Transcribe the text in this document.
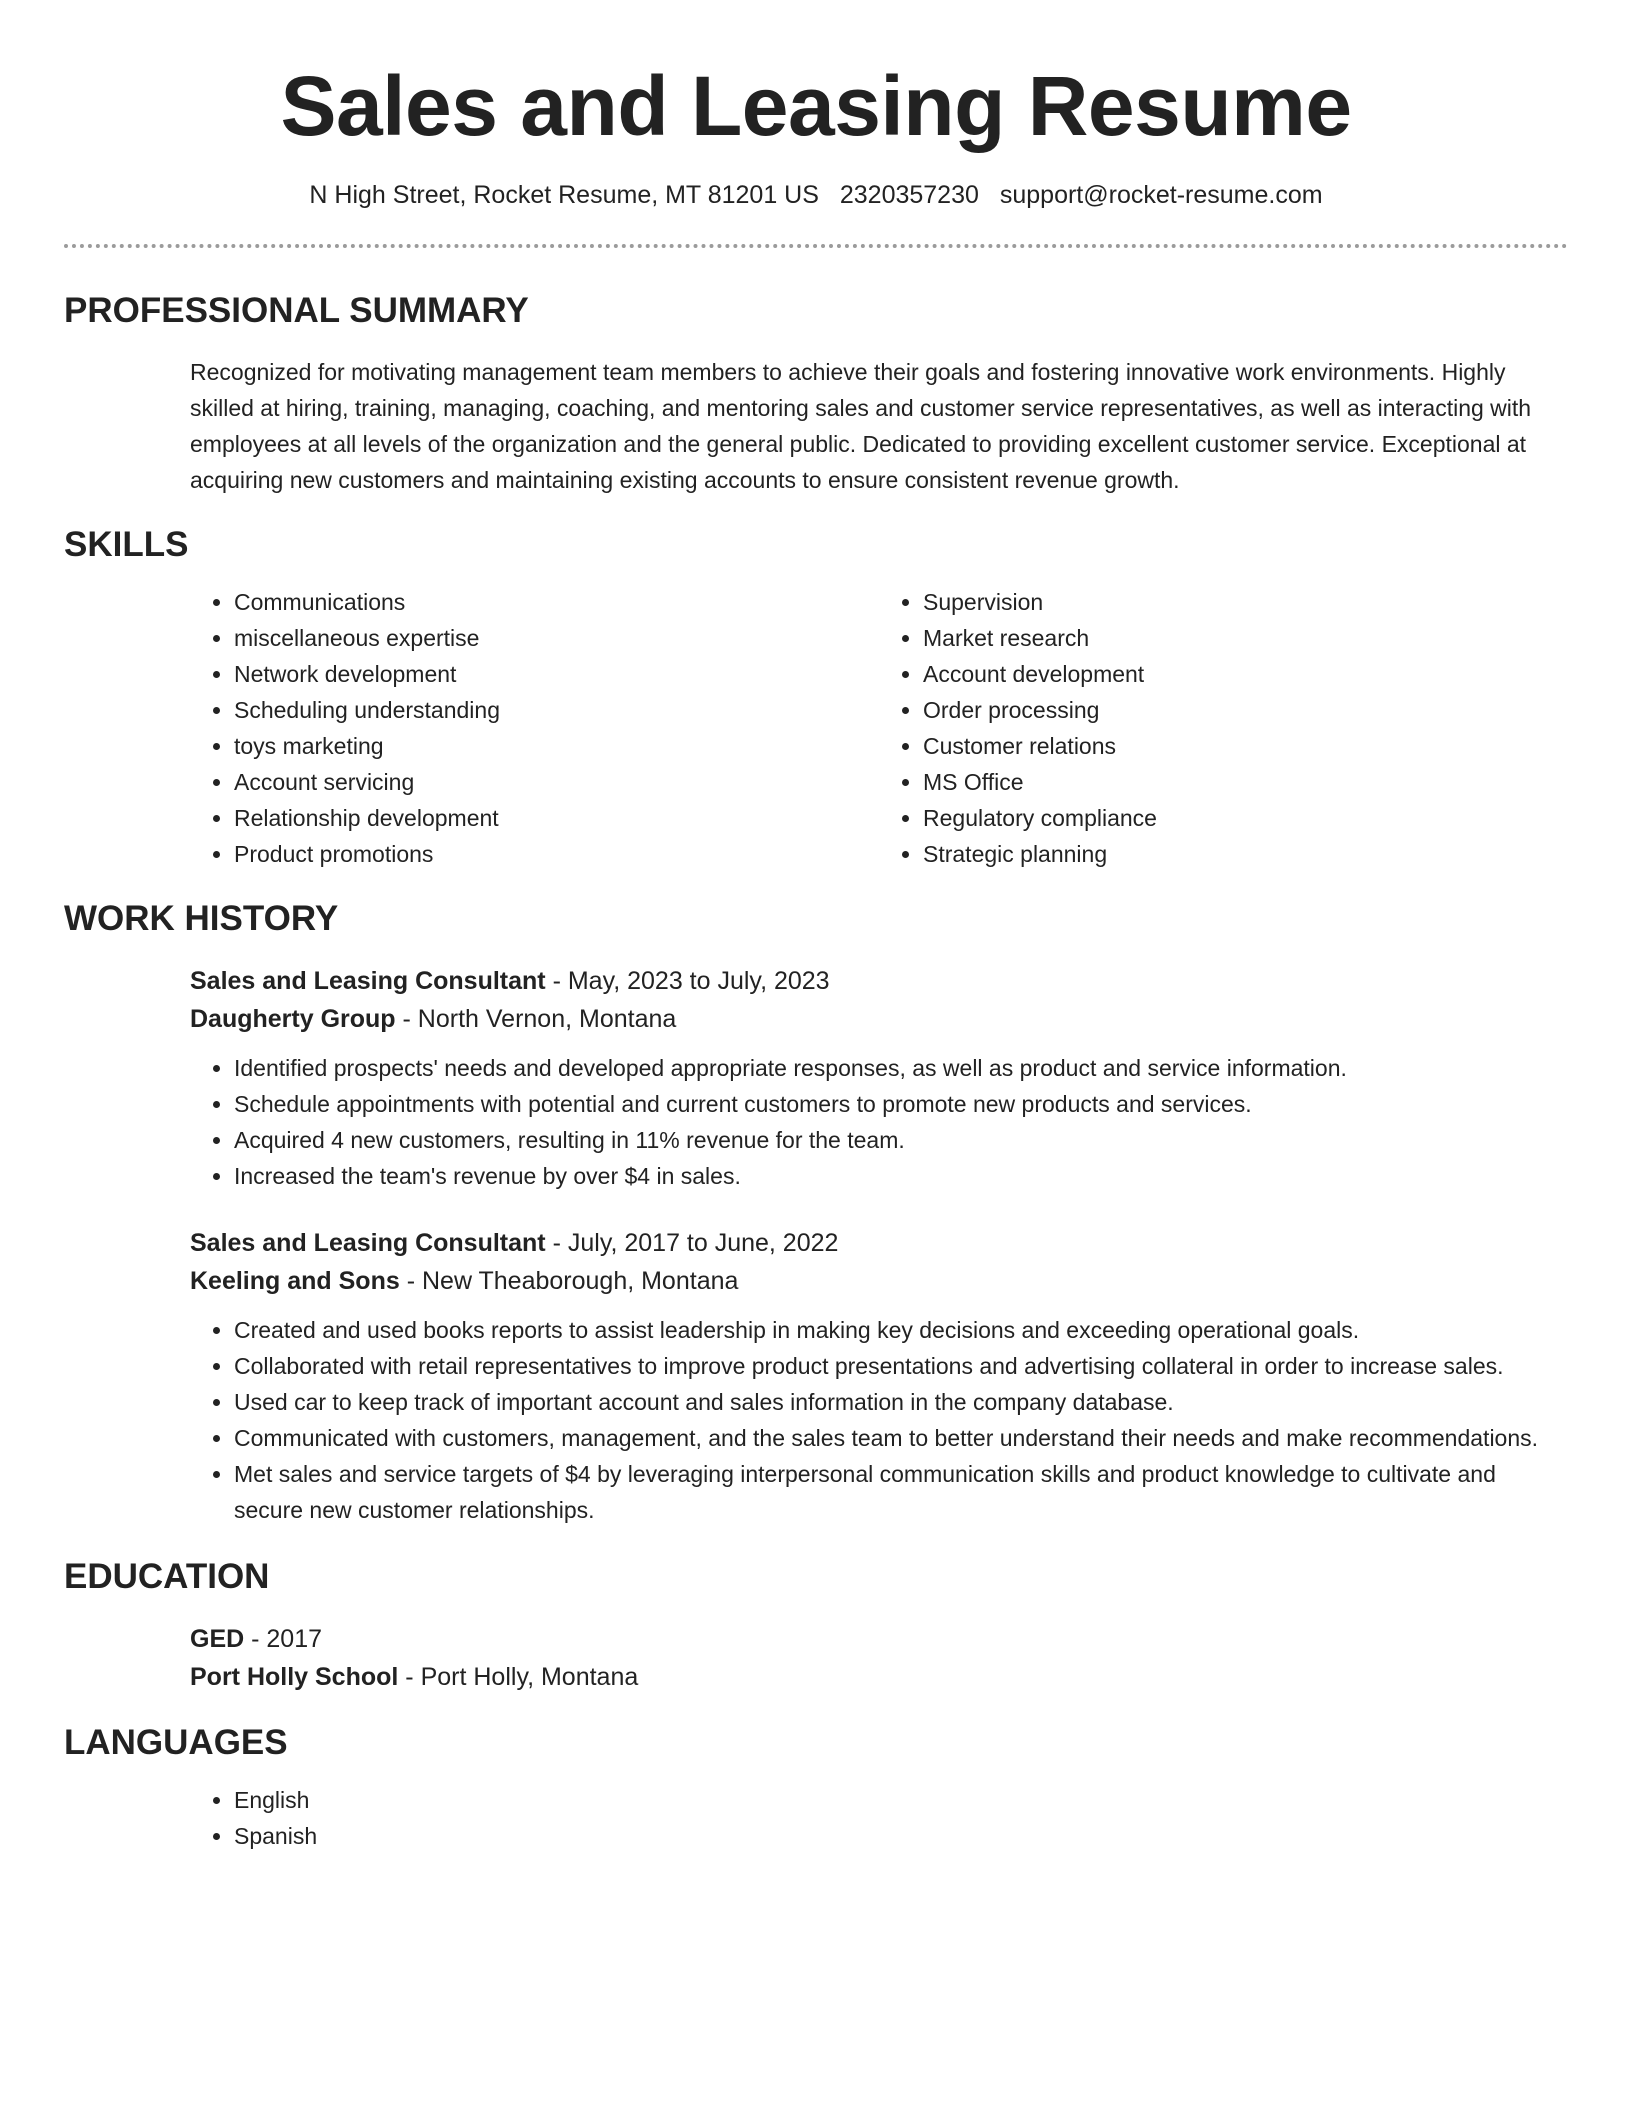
Sales and Leasing Resume
N High Street, Rocket Resume, MT 81201 US 2320357230 support@rocket-resume.com
PROFESSIONAL SUMMARY
Recognized for motivating management team members to achieve their goals and fostering innovative work environments. Highly skilled at hiring, training, managing, coaching, and mentoring sales and customer service representatives, as well as interacting with employees at all levels of the organization and the general public. Dedicated to providing excellent customer service. Exceptional at acquiring new customers and maintaining existing accounts to ensure consistent revenue growth.
SKILLS
• Communications
• miscellaneous expertise
• Network development
• Scheduling understanding
• toys marketing
• Account servicing
• Relationship development
• Product promotions
• Supervision
• Market research
• Account development
• Order processing
• Customer relations
• MS Office
• Regulatory compliance
• Strategic planning
WORK HISTORY
Sales and Leasing Consultant - May, 2023 to July, 2023
Daugherty Group - North Vernon, Montana
• Identified prospects' needs and developed appropriate responses, as well as product and service information.
• Schedule appointments with potential and current customers to promote new products and services.
• Acquired 4 new customers, resulting in 11% revenue for the team.
• Increased the team's revenue by over $4 in sales.
Sales and Leasing Consultant - July, 2017 to June, 2022
Keeling and Sons - New Theaborough, Montana
• Created and used books reports to assist leadership in making key decisions and exceeding operational goals.
• Collaborated with retail representatives to improve product presentations and advertising collateral in order to increase sales.
• Used car to keep track of important account and sales information in the company database.
• Communicated with customers, management, and the sales team to better understand their needs and make recommendations.
• Met sales and service targets of $4 by leveraging interpersonal communication skills and product knowledge to cultivate and secure new customer relationships.
EDUCATION
GED - 2017
Port Holly School - Port Holly, Montana
LANGUAGES
• English
• Spanish
